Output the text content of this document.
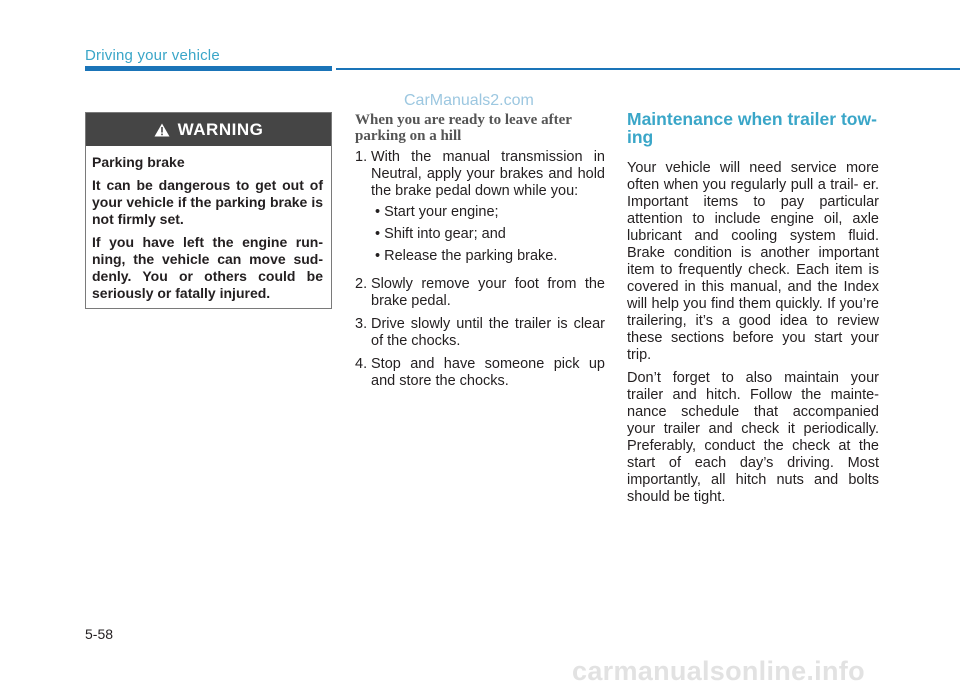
Driving your vehicle
CarManuals2.com
WARNING

Parking brake

It can be dangerous to get out of your vehicle if the parking brake is not firmly set.

If you have left the engine run- ning, the vehicle can move sud- denly. You or others could be seriously or fatally injured.

When you are ready to leave after parking on a hill
1. With the manual transmission in Neutral, apply your brakes and hold the brake pedal down while you:
• Start your engine;
• Shift into gear; and
• Release the parking brake.
2. Slowly remove your foot from the brake pedal.
3. Drive slowly until the trailer is clear of the chocks.
4. Stop and have someone pick up and store the chocks.
Maintenance when trailer tow- ing

Your vehicle will need service more often when you regularly pull a trail- er. Important items to pay particular attention to include engine oil, axle lubricant and cooling system fluid. Brake condition is another important item to frequently check. Each item is covered in this manual, and the Index will help you find them quickly. If you’re trailering, it’s a good idea to review these sections before you start your trip.

Don’t forget to also maintain your trailer and hitch. Follow the mainte- nance schedule that accompanied your trailer and check it periodically. Preferably, conduct the check at the start of each day’s driving. Most importantly, all hitch nuts and bolts should be tight.

5-58
carmanualsonline.info
